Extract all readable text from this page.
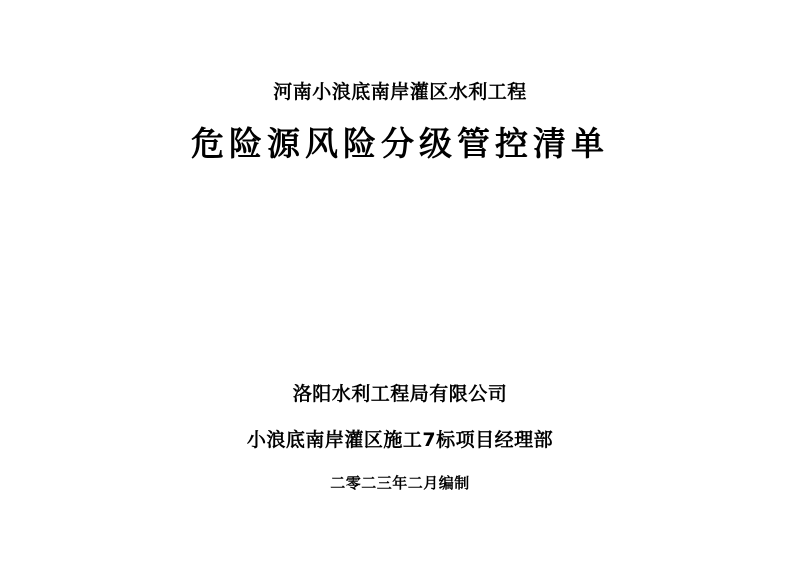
河南小浪底南岸灌区水利工程
危险源风险分级管控清单
洛阳水利工程局有限公司
小浪底南岸灌区施工7标项目经理部
二零二三年二月编制
